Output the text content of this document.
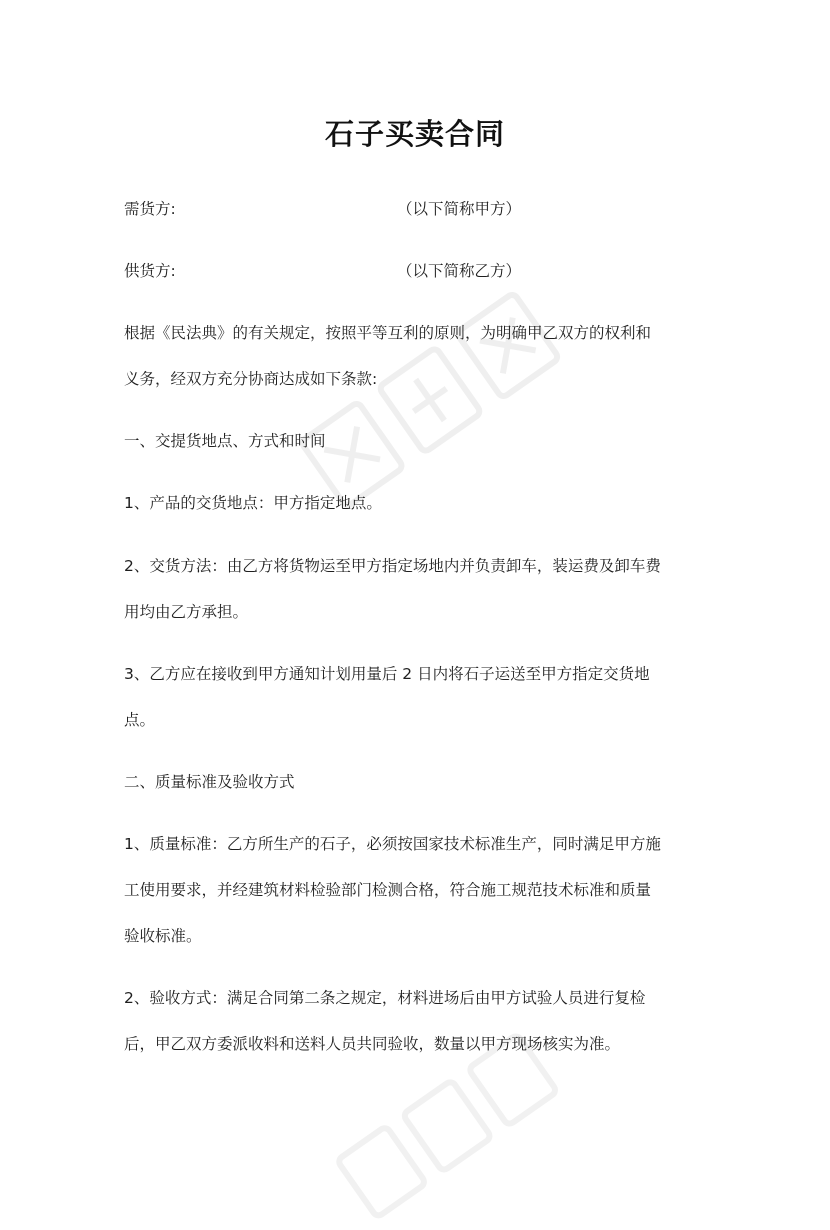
石子买卖合同
需货方:	（以下简称甲方）
供货方:	（以下简称乙方）
根据《民法典》的有关规定，按照平等互利的原则，为明确甲乙双方的权利和
义务，经双方充分协商达成如下条款:
一、交提货地点、方式和时间
1、产品的交货地点：甲方指定地点。
2、交货方法：由乙方将货物运至甲方指定场地内并负责卸车，装运费及卸车费
用均由乙方承担。
3、乙方应在接收到甲方通知计划用量后 2 日内将石子运送至甲方指定交货地
点。
二、质量标准及验收方式
1、质量标准：乙方所生产的石子，必须按国家技术标准生产，同时满足甲方施
工使用要求，并经建筑材料检验部门检测合格，符合施工规范技术标准和质量
验收标准。
2、验收方式：满足合同第二条之规定，材料进场后由甲方试验人员进行复检
后，甲乙双方委派收料和送料人员共同验收，数量以甲方现场核实为准。
